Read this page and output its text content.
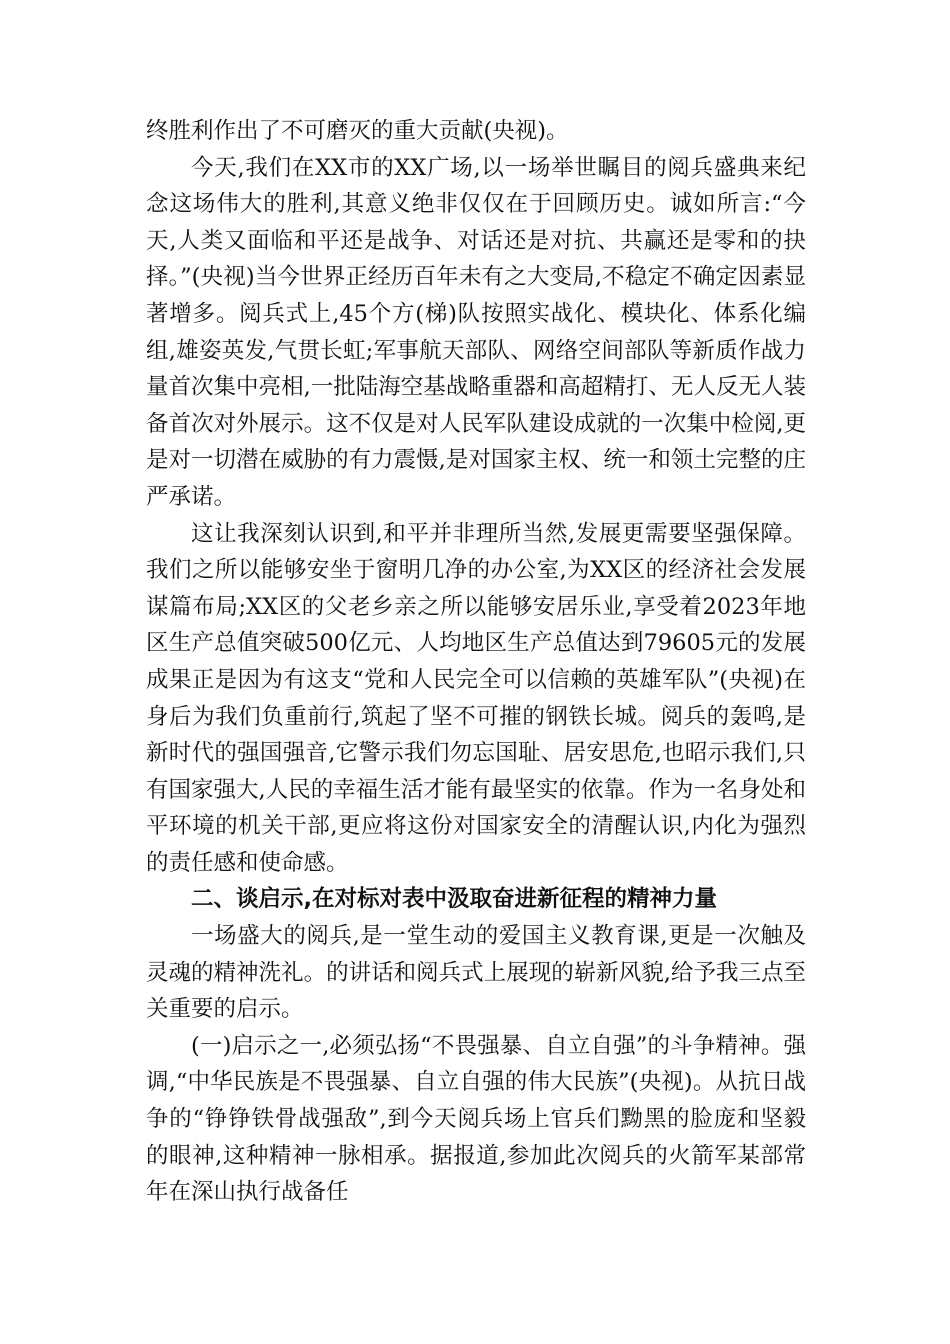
终胜利作出了不可磨灭的重大贡献(央视)。

今天,我们在XX市的XX广场,以一场举世瞩目的阅兵盛典来纪念这场伟大的胜利,其意义绝非仅仅在于回顾历史。诚如所言:“今天,人类又面临和平还是战争、对话还是对抗、共赢还是零和的抉择。”(央视)当今世界正经历百年未有之大变局,不稳定不确定因素显著增多。阅兵式上,45个方(梯)队按照实战化、模块化、体系化编组,雄姿英发,气贯长虹;军事航天部队、网络空间部队等新质作战力量首次集中亮相,一批陆海空基战略重器和高超精打、无人反无人装备首次对外展示。这不仅是对人民军队建设成就的一次集中检阅,更是对一切潜在威胁的有力震慑,是对国家主权、统一和领土完整的庄严承诺。

这让我深刻认识到,和平并非理所当然,发展更需要坚强保障。我们之所以能够安坐于窗明几净的办公室,为XX区的经济社会发展谋篇布局;XX区的父老乡亲之所以能够安居乐业,享受着2023年地区生产总值突破500亿元、人均地区生产总值达到79605元的发展成果正是因为有这支“党和人民完全可以信赖的英雄军队”(央视)在身后为我们负重前行,筑起了坚不可摧的钢铁长城。阅兵的轰鸣,是新时代的强国强音,它警示我们勿忘国耻、居安思危,也昭示我们,只有国家强大,人民的幸福生活才能有最坚实的依靠。作为一名身处和平环境的机关干部,更应将这份对国家安全的清醒认识,内化为强烈的责任感和使命感。

二、谈启示,在对标对表中汲取奋进新征程的精神力量

一场盛大的阅兵,是一堂生动的爱国主义教育课,更是一次触及灵魂的精神洗礼。的讲话和阅兵式上展现的崭新风貌,给予我三点至关重要的启示。

(一)启示之一,必须弘扬“不畏强暴、自立自强”的斗争精神。强调,“中华民族是不畏强暴、自立自强的伟大民族”(央视)。从抗日战争的“铮铮铁骨战强敌”,到今天阅兵场上官兵们黝黑的脸庞和坚毅的眼神,这种精神一脉相承。据报道,参加此次阅兵的火箭军某部常年在深山执行战备任
